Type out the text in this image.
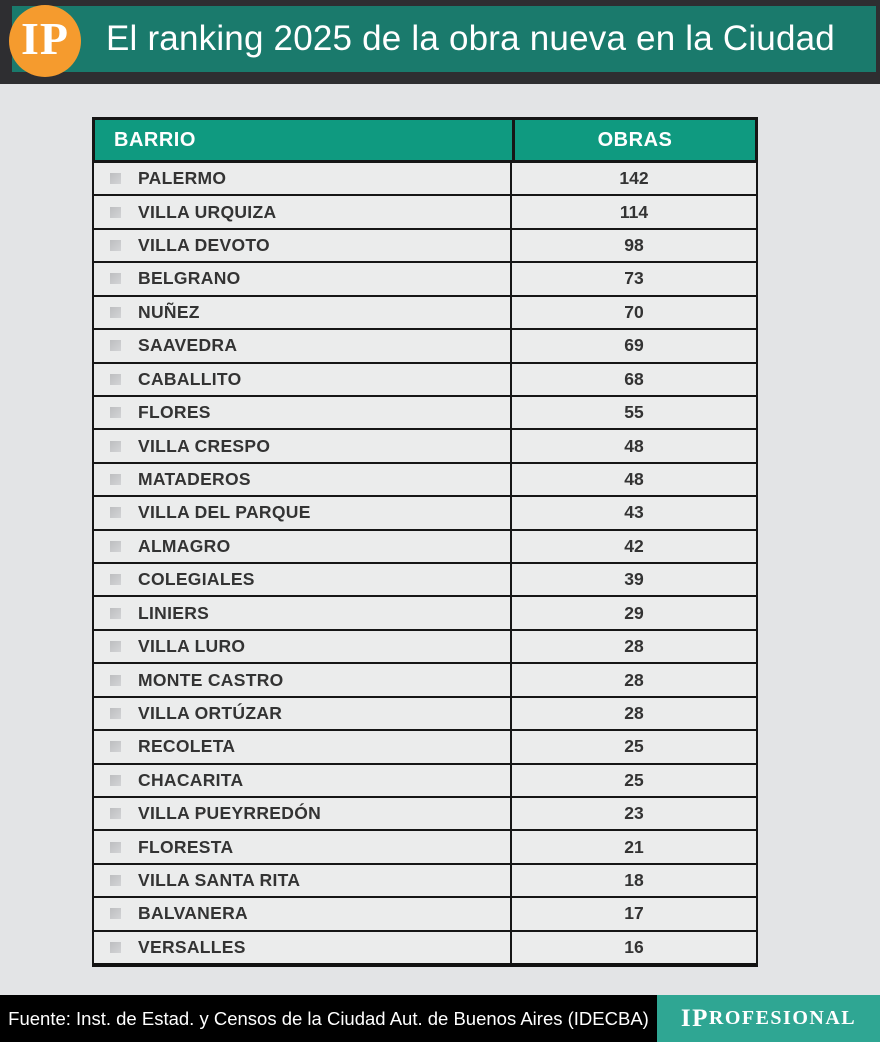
IP El ranking 2025 de la obra nueva en la Ciudad
BARRIO	OBRAS
PALERMO	142
VILLA URQUIZA	114
VILLA DEVOTO	98
BELGRANO	73
NUÑEZ	70
SAAVEDRA	69
CABALLITO	68
FLORES	55
VILLA CRESPO	48
MATADEROS	48
VILLA DEL PARQUE	43
ALMAGRO	42
COLEGIALES	39
LINIERS	29
VILLA LURO	28
MONTE CASTRO	28
VILLA ORTÚZAR	28
RECOLETA	25
CHACARITA	25
VILLA PUEYRREDÓN	23
FLORESTA	21
VILLA SANTA RITA	18
BALVANERA	17
VERSALLES	16
Fuente: Inst. de Estad. y Censos de la Ciudad Aut. de Buenos Aires (IDECBA)	IP ROFESIONAL
